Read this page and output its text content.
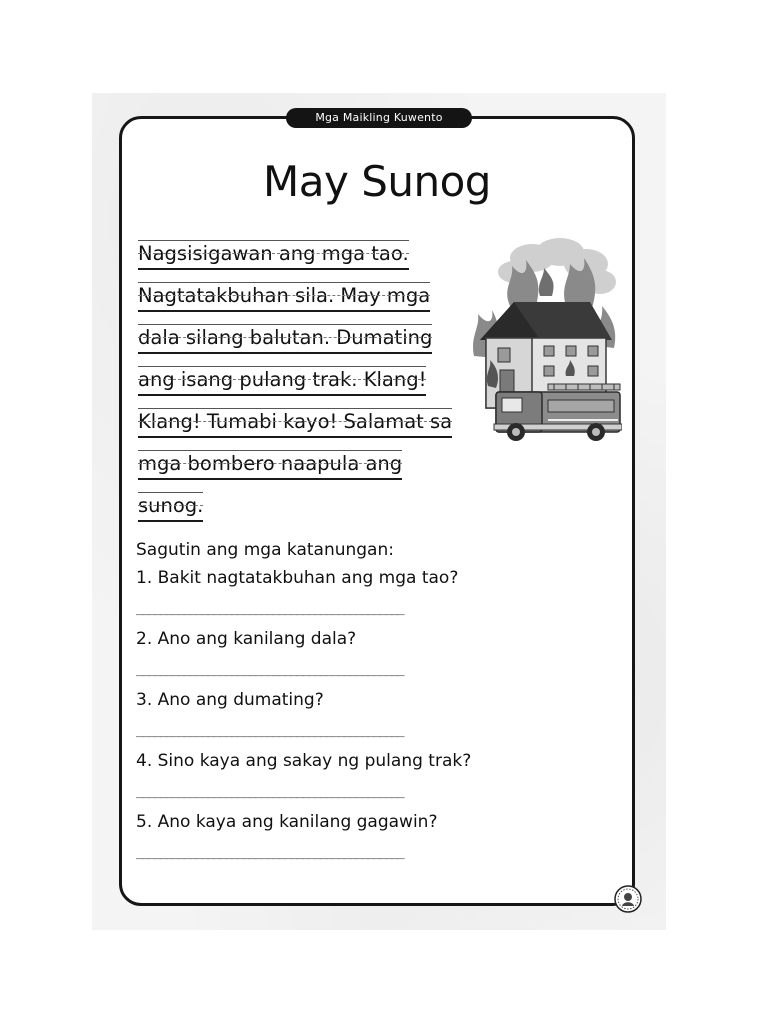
Mga Maikling Kuwento
May Sunog
Nagsisigawan ang mga tao.
Nagtatakbuhan sila. May mga
dala silang balutan. Dumating
ang isang pulang trak. Klang!
Klang! Tumabi kayo! Salamat sa
mga bombero naapula ang
sunog.

Sagutin ang mga katanungan:

1. Bakit nagtatakbuhan ang mga tao?
_____________________________________________
2. Ano ang kanilang dala?
_____________________________________________
3. Ano ang dumating?
_____________________________________________
4. Sino kaya ang sakay ng pulang trak?
_____________________________________________
5. Ano kaya ang kanilang gagawin?
_____________________________________________
